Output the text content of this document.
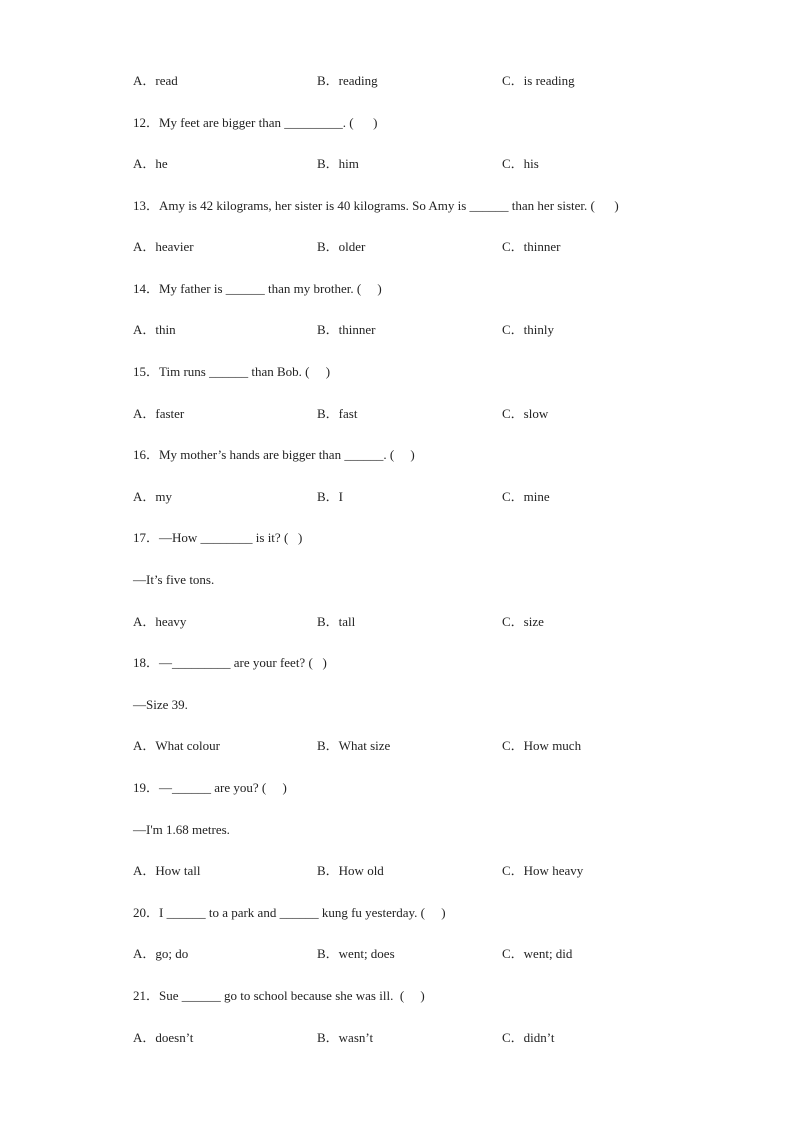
A．read	B．reading	C．is reading
12．My feet are bigger than _________. (      )
A．he	B．him	C．his
13．Amy is 42 kilograms, her sister is 40 kilograms. So Amy is ______ than her sister. (      )
A．heavier	B．older	C．thinner
14．My father is ______ than my brother. (     )
A．thin	B．thinner	C．thinly
15．Tim runs ______ than Bob. (     )
A．faster	B．fast	C．slow
16．My mother’s hands are bigger than ______. (     )
A．my	B．I	C．mine
17．—How ________ is it? (   )
—It’s five tons.
A．heavy	B．tall	C．size
18．—_________ are your feet? (   )
—Size 39.
A．What colour	B．What size	C．How much
19．—______ are you? (     )
—I'm 1.68 metres.
A．How tall	B．How old	C．How heavy
20．I ______ to a park and ______ kung fu yesterday. (     )
A．go; do	B．went; does	C．went; did
21．Sue ______ go to school because she was ill.  (     )
A．doesn’t	B．wasn’t	C．didn’t
